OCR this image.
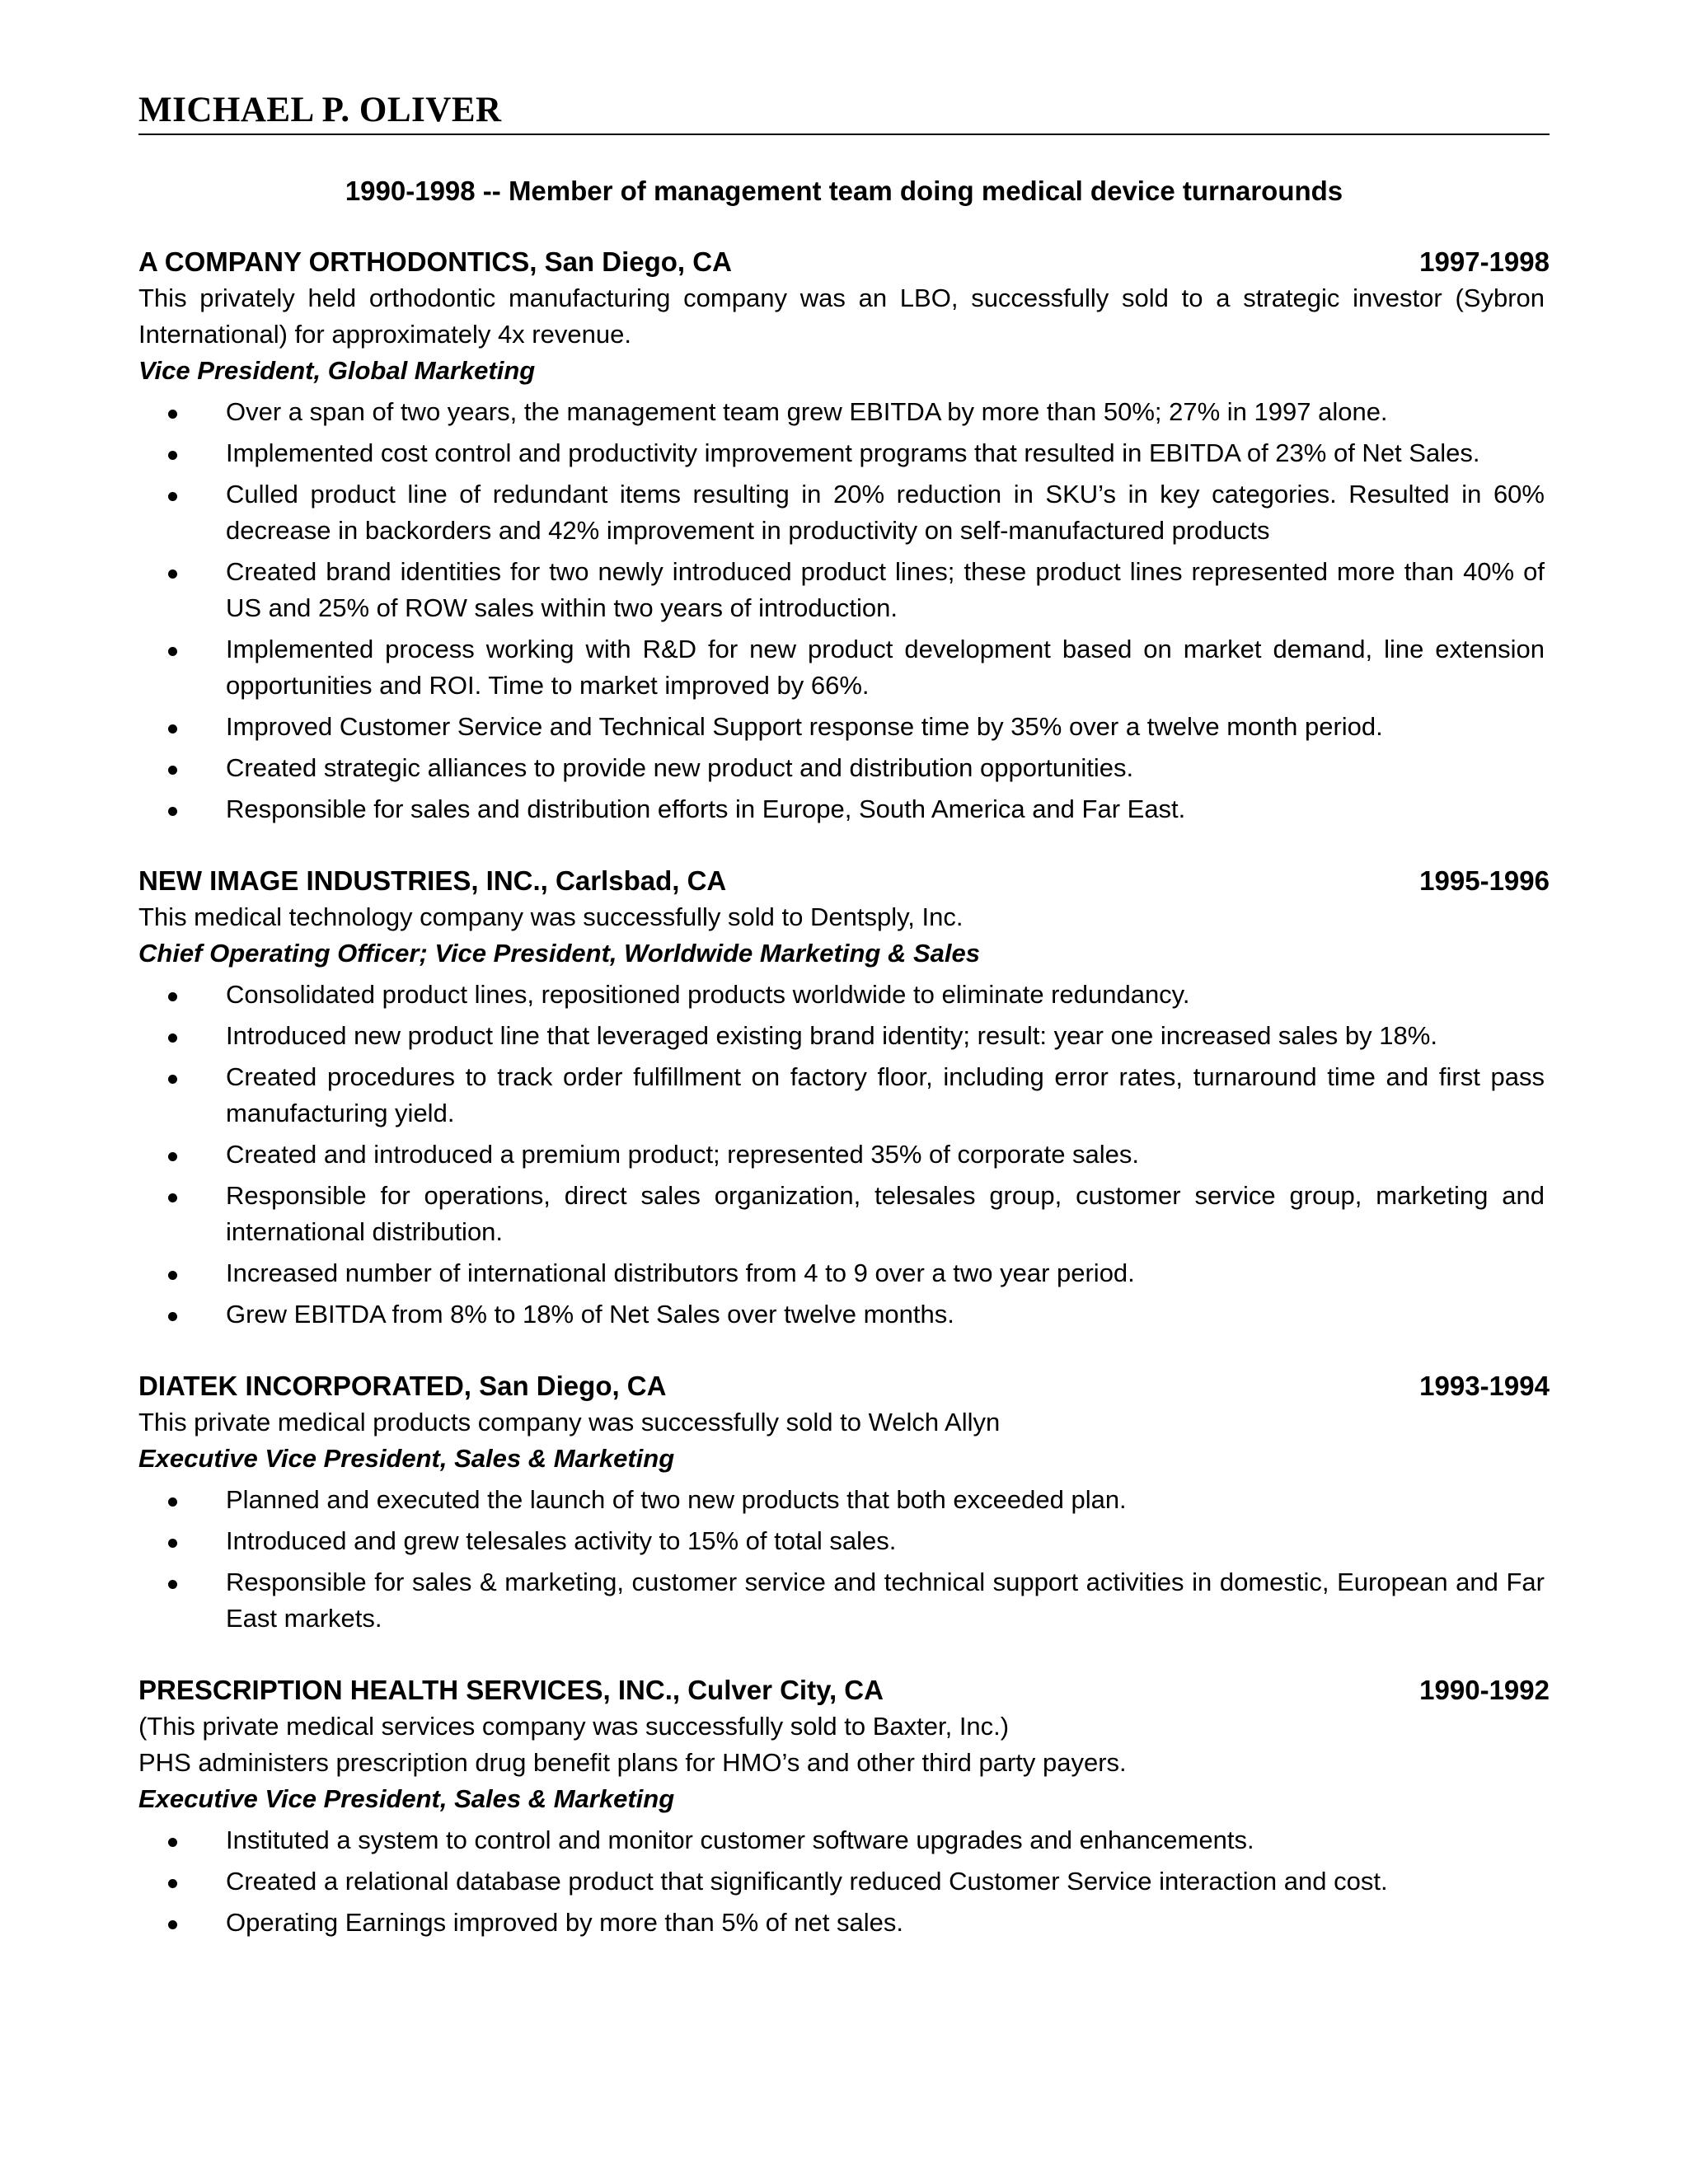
MICHAEL P. OLIVER
1990-1998 -- Member of management team doing medical device turnarounds
A COMPANY ORTHODONTICS, San Diego, CA	1997-1998
This privately held orthodontic manufacturing company was an LBO, successfully sold to a strategic investor (Sybron International) for approximately 4x revenue.
Vice President, Global Marketing
Over a span of two years, the management team grew EBITDA by more than 50%; 27% in 1997 alone.
Implemented cost control and productivity improvement programs that resulted in EBITDA of 23% of Net Sales.
Culled product line of redundant items resulting in 20% reduction in SKU’s in key categories. Resulted in 60% decrease in backorders and 42% improvement in productivity on self-manufactured products
Created brand identities for two newly introduced product lines; these product lines represented more than 40% of US and 25% of ROW sales within two years of introduction.
Implemented process working with R&D for new product development based on market demand, line extension opportunities and ROI. Time to market improved by 66%.
Improved Customer Service and Technical Support response time by 35% over a twelve month period.
Created strategic alliances to provide new product and distribution opportunities.
Responsible for sales and distribution efforts in Europe, South America and Far East.
NEW IMAGE INDUSTRIES, INC., Carlsbad, CA	1995-1996
This medical technology company was successfully sold to Dentsply, Inc.
Chief Operating Officer; Vice President, Worldwide Marketing & Sales
Consolidated product lines, repositioned products worldwide to eliminate redundancy.
Introduced new product line that leveraged existing brand identity; result: year one increased sales by 18%.
Created procedures to track order fulfillment on factory floor, including error rates, turnaround time and first pass manufacturing yield.
Created and introduced a premium product; represented 35% of corporate sales.
Responsible for operations, direct sales organization, telesales group, customer service group, marketing and international distribution.
Increased number of international distributors from 4 to 9 over a two year period.
Grew EBITDA from 8% to 18% of Net Sales over twelve months.
DIATEK INCORPORATED, San Diego, CA	1993-1994
This private medical products company was successfully sold to Welch Allyn
Executive Vice President, Sales & Marketing
Planned and executed the launch of two new products that both exceeded plan.
Introduced and grew telesales activity to 15% of total sales.
Responsible for sales & marketing, customer service and technical support activities in domestic, European and Far East markets.
PRESCRIPTION HEALTH SERVICES, INC., Culver City, CA	1990-1992
(This private medical services company was successfully sold to Baxter, Inc.)
PHS administers prescription drug benefit plans for HMO’s and other third party payers.
Executive Vice President, Sales & Marketing
Instituted a system to control and monitor customer software upgrades and enhancements.
Created a relational database product that significantly reduced Customer Service interaction and cost.
Operating Earnings improved by more than 5% of net sales.
